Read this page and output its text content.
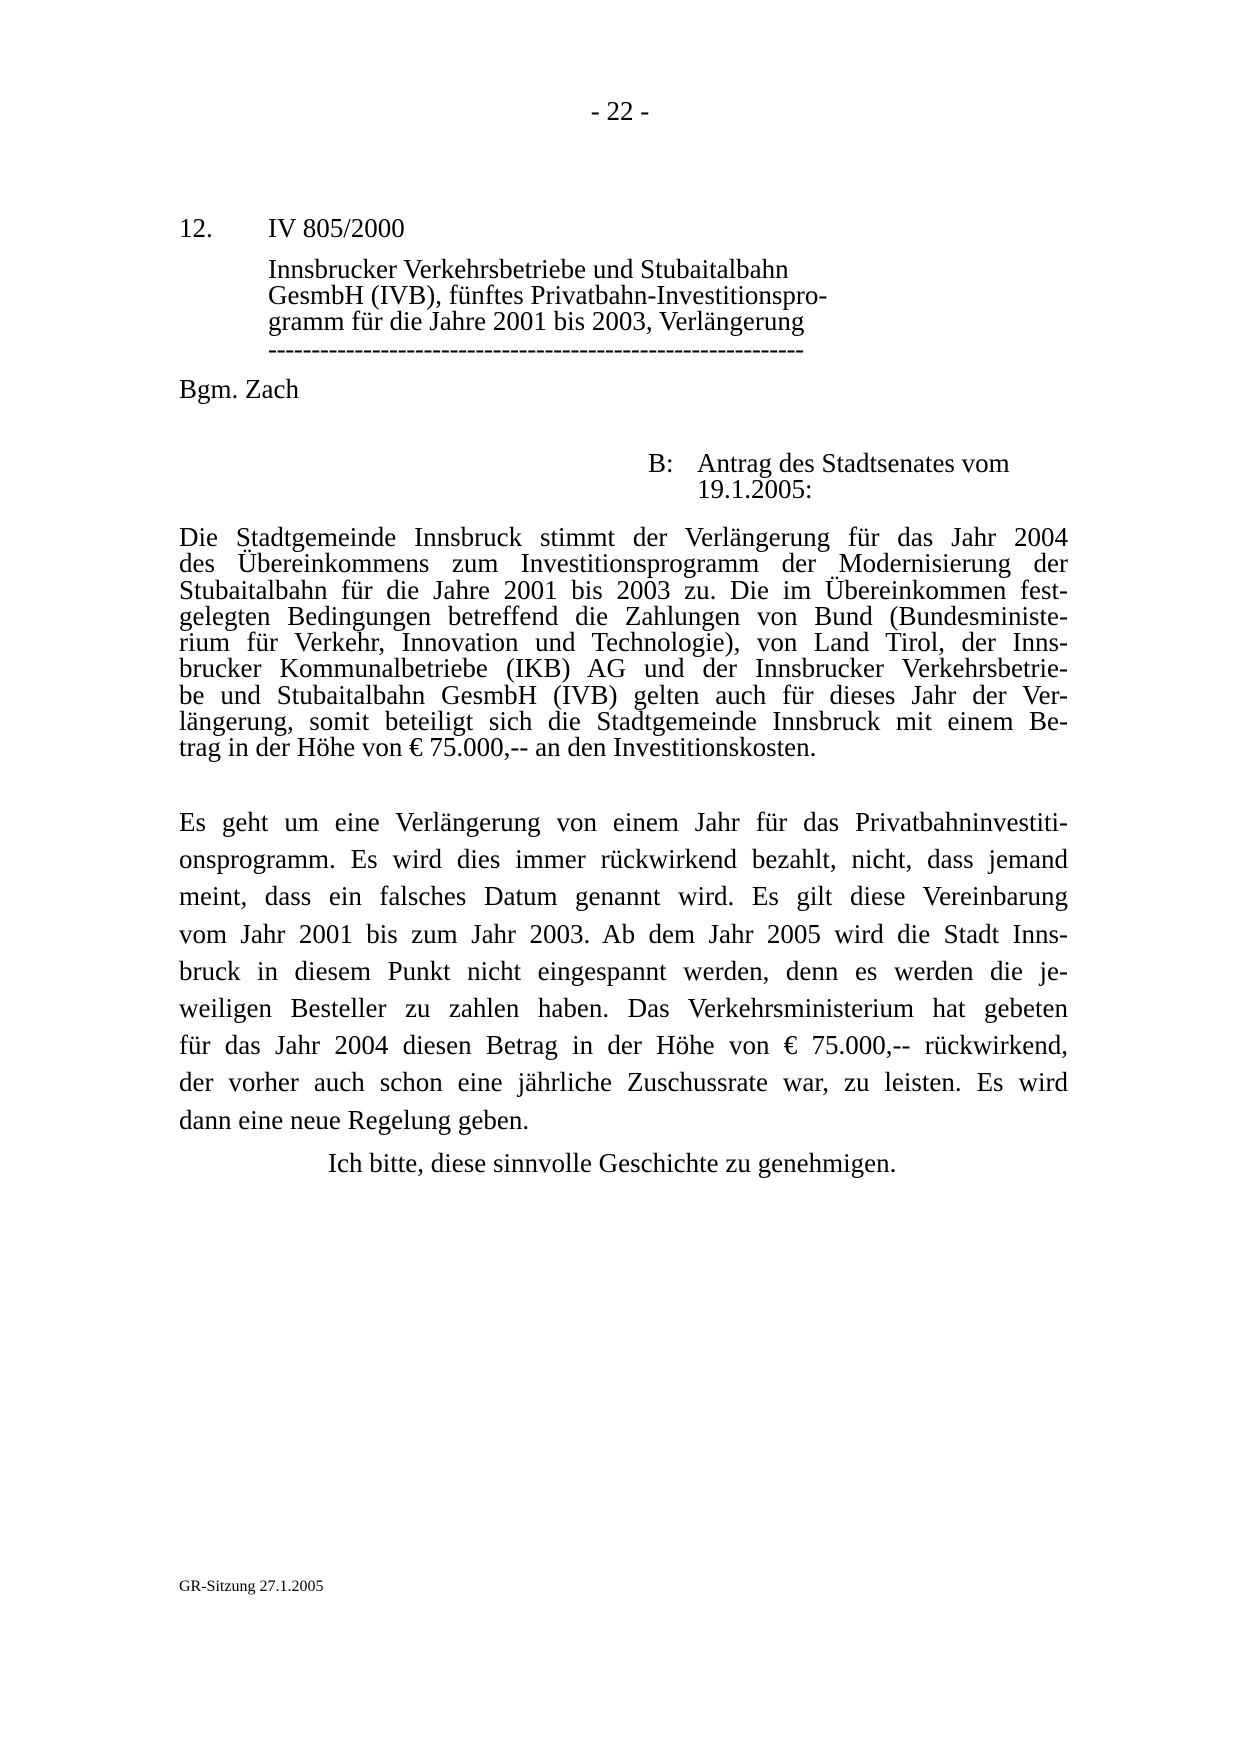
- 22 -
12. IV 805/2000
Innsbrucker Verkehrsbetriebe und Stubaitalbahn
GesmbH (IVB), fünftes Privatbahn-Investitionspro-
gramm für die Jahre 2001 bis 2003, Verlängerung
--------------------------------------------------------------
Bgm. Zach
B: Antrag des Stadtsenates vom
19.1.2005:
Die Stadtgemeinde Innsbruck stimmt der Verlängerung für das Jahr 2004
des Übereinkommens zum Investitionsprogramm der Modernisierung der
Stubaitalbahn für die Jahre 2001 bis 2003 zu. Die im Übereinkommen fest-
gelegten Bedingungen betreffend die Zahlungen von Bund (Bundesministe-
rium für Verkehr, Innovation und Technologie), von Land Tirol, der Inns-
brucker Kommunalbetriebe (IKB) AG und der Innsbrucker Verkehrsbetrie-
be und Stubaitalbahn GesmbH (IVB) gelten auch für dieses Jahr der Ver-
längerung, somit beteiligt sich die Stadtgemeinde Innsbruck mit einem Be-
trag in der Höhe von € 75.000,-- an den Investitionskosten.
Es geht um eine Verlängerung von einem Jahr für das Privatbahninvestiti-
onsprogramm. Es wird dies immer rückwirkend bezahlt, nicht, dass jemand
meint, dass ein falsches Datum genannt wird. Es gilt diese Vereinbarung
vom Jahr 2001 bis zum Jahr 2003. Ab dem Jahr 2005 wird die Stadt Inns-
bruck in diesem Punkt nicht eingespannt werden, denn es werden die je-
weiligen Besteller zu zahlen haben. Das Verkehrsministerium hat gebeten
für das Jahr 2004 diesen Betrag in der Höhe von € 75.000,-- rückwirkend,
der vorher auch schon eine jährliche Zuschussrate war, zu leisten. Es wird
dann eine neue Regelung geben.
Ich bitte, diese sinnvolle Geschichte zu genehmigen.
GR-Sitzung 27.1.2005
